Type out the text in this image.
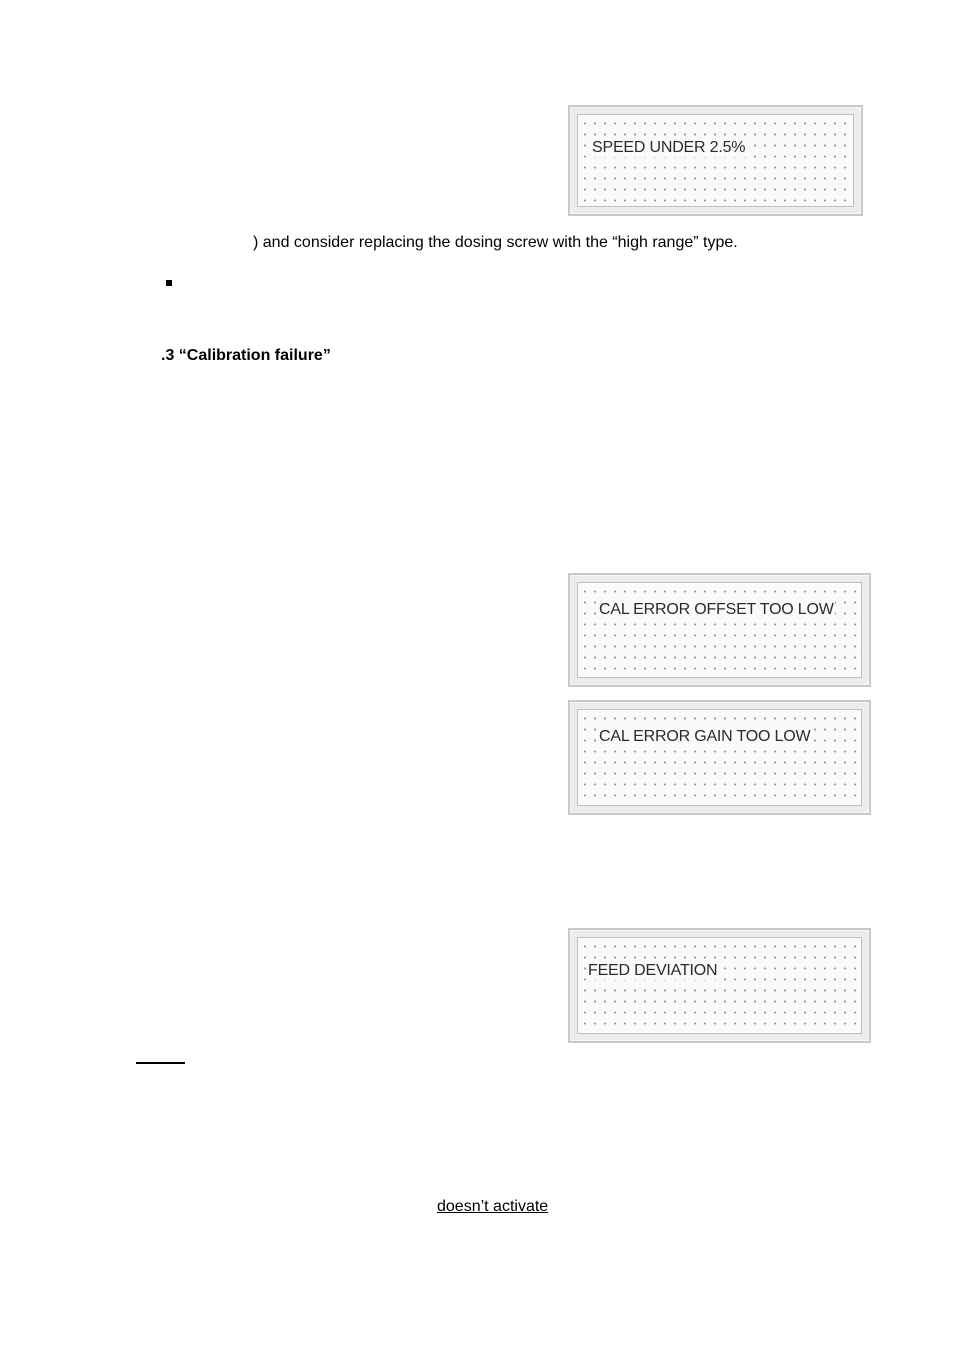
SPEED UNDER 2.5%
) and consider replacing the dosing screw with the “high range” type.
.3 “Calibration failure”
CAL ERROR OFFSET TOO LOW
CAL ERROR GAIN TOO LOW
FEED DEVIATION
doesn’t activate
